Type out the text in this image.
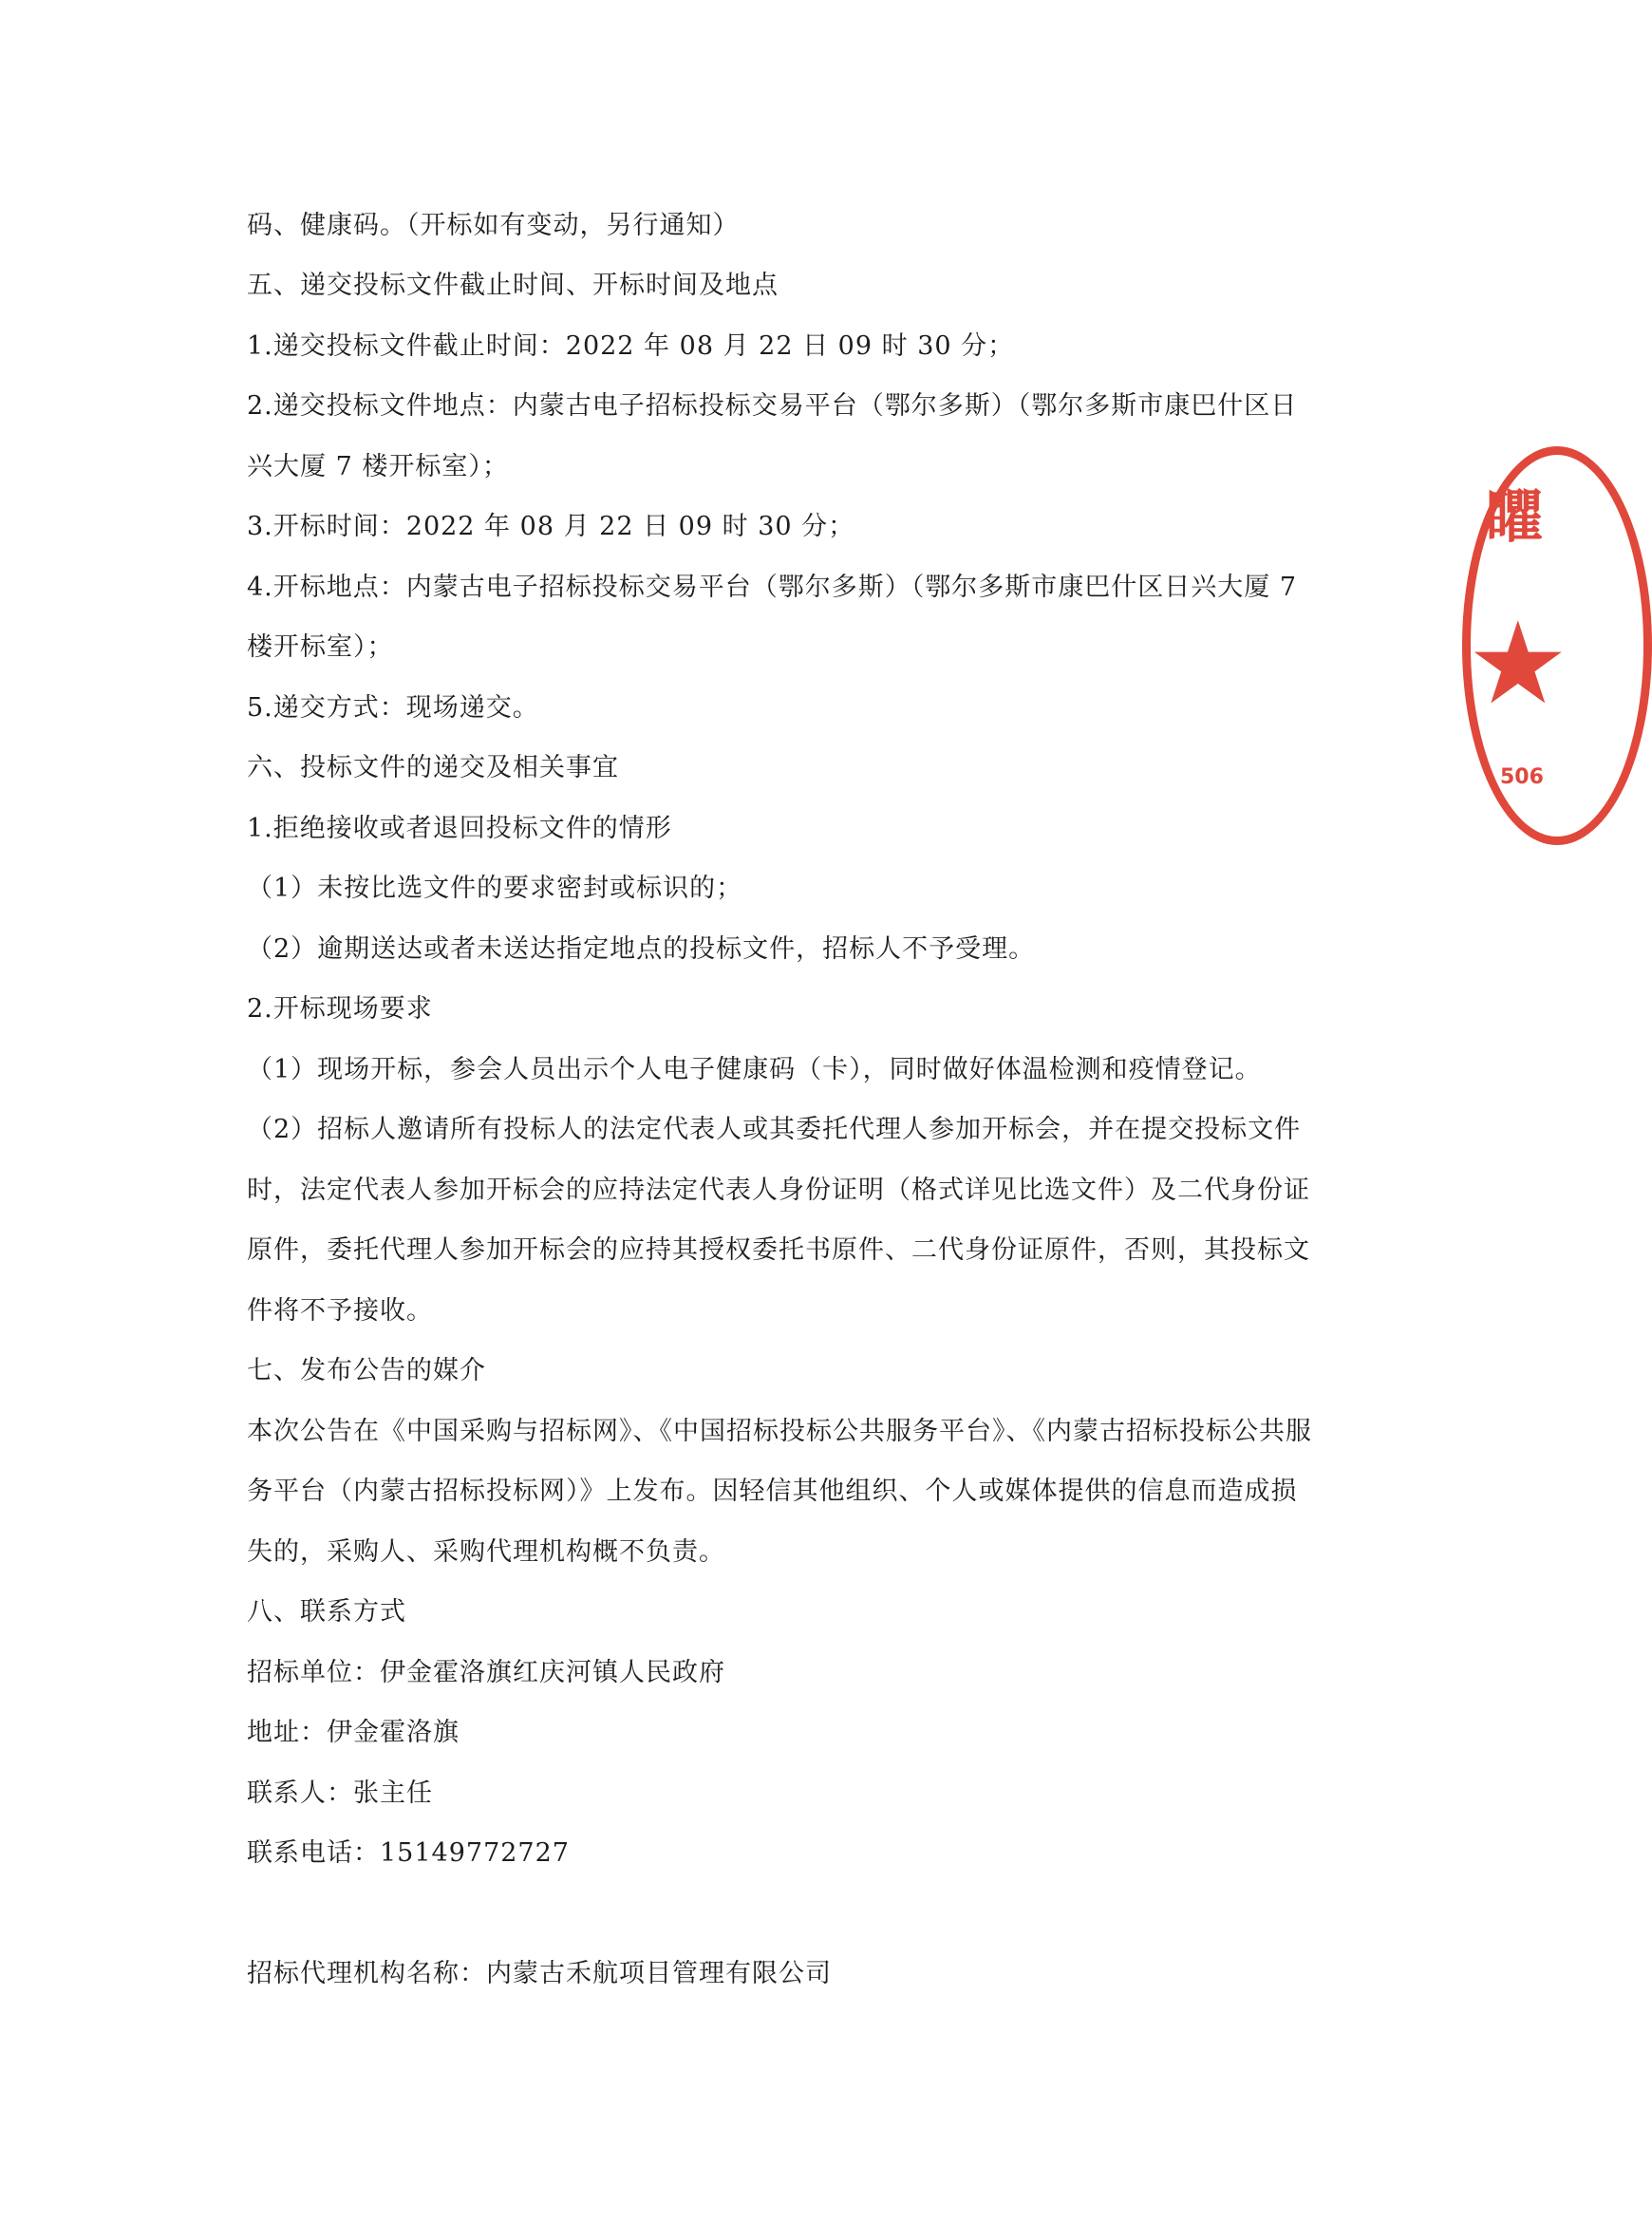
码、健康码。（开标如有变动，另行通知）
五、递交投标文件截止时间、开标时间及地点
1.递交投标文件截止时间：2022 年 08 月 22 日 09 时 30 分；
2.递交投标文件地点：内蒙古电子招标投标交易平台（鄂尔多斯）（鄂尔多斯市康巴什区日
兴大厦 7 楼开标室）；
3.开标时间：2022 年 08 月 22 日 09 时 30 分；
4.开标地点：内蒙古电子招标投标交易平台（鄂尔多斯）（鄂尔多斯市康巴什区日兴大厦 7
楼开标室）；
5.递交方式：现场递交。
六、投标文件的递交及相关事宜
1.拒绝接收或者退回投标文件的情形
（1）未按比选文件的要求密封或标识的；
（2）逾期送达或者未送达指定地点的投标文件，招标人不予受理。
2.开标现场要求
（1）现场开标，参会人员出示个人电子健康码（卡），同时做好体温检测和疫情登记。
（2）招标人邀请所有投标人的法定代表人或其委托代理人参加开标会，并在提交投标文件
时，法定代表人参加开标会的应持法定代表人身份证明（格式详见比选文件）及二代身份证
原件，委托代理人参加开标会的应持其授权委托书原件、二代身份证原件，否则，其投标文
件将不予接收。
七、发布公告的媒介
本次公告在《中国采购与招标网》、《中国招标投标公共服务平台》、《内蒙古招标投标公共服
务平台（内蒙古招标投标网）》上发布。因轻信其他组织、个人或媒体提供的信息而造成损
失的，采购人、采购代理机构概不负责。
八、联系方式
招标单位：伊金霍洛旗红庆河镇人民政府
地址：伊金霍洛旗
联系人：张主任
联系电话：15149772727
招标代理机构名称：内蒙古禾航项目管理有限公司
䂂
★
506
